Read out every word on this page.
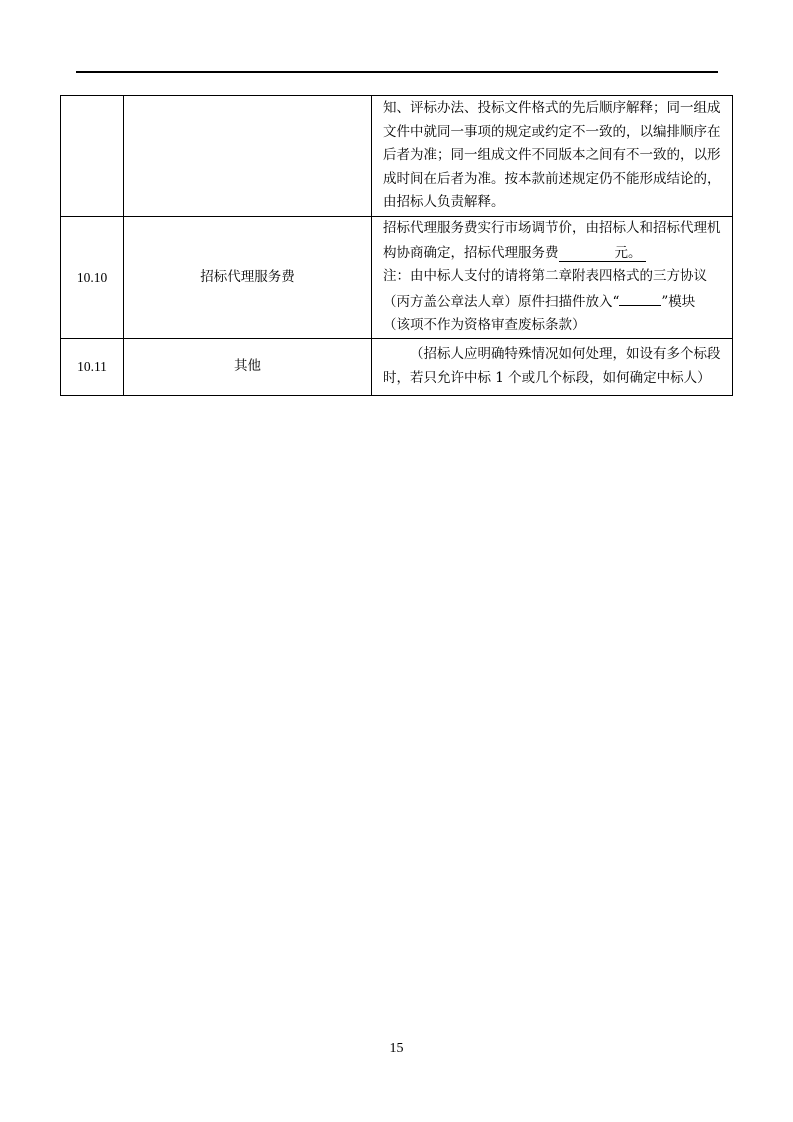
		知、评标办法、投标文件格式的先后顺序解释；同一组成
文件中就同一事项的规定或约定不一致的，以编排顺序在
后者为准；同一组成文件不同版本之间有不一致的，以形
成时间在后者为准。按本款前述规定仍不能形成结论的，
由招标人负责解释。

10.10	招标代理服务费	招标代理服务费实行市场调节价，由招标人和招标代理机
构协商确定，招标代理服务费 元。
注：由中标人支付的请将第二章附表四格式的三方协议
（丙方盖公章法人章）原件扫描件放入“ ”模块
（该项不作为资格审查废标条款）

10.11	其他	（招标人应明确特殊情况如何处理，如设有多个标段
时，若只允许中标 1 个或几个标段，如何确定中标人）
15
